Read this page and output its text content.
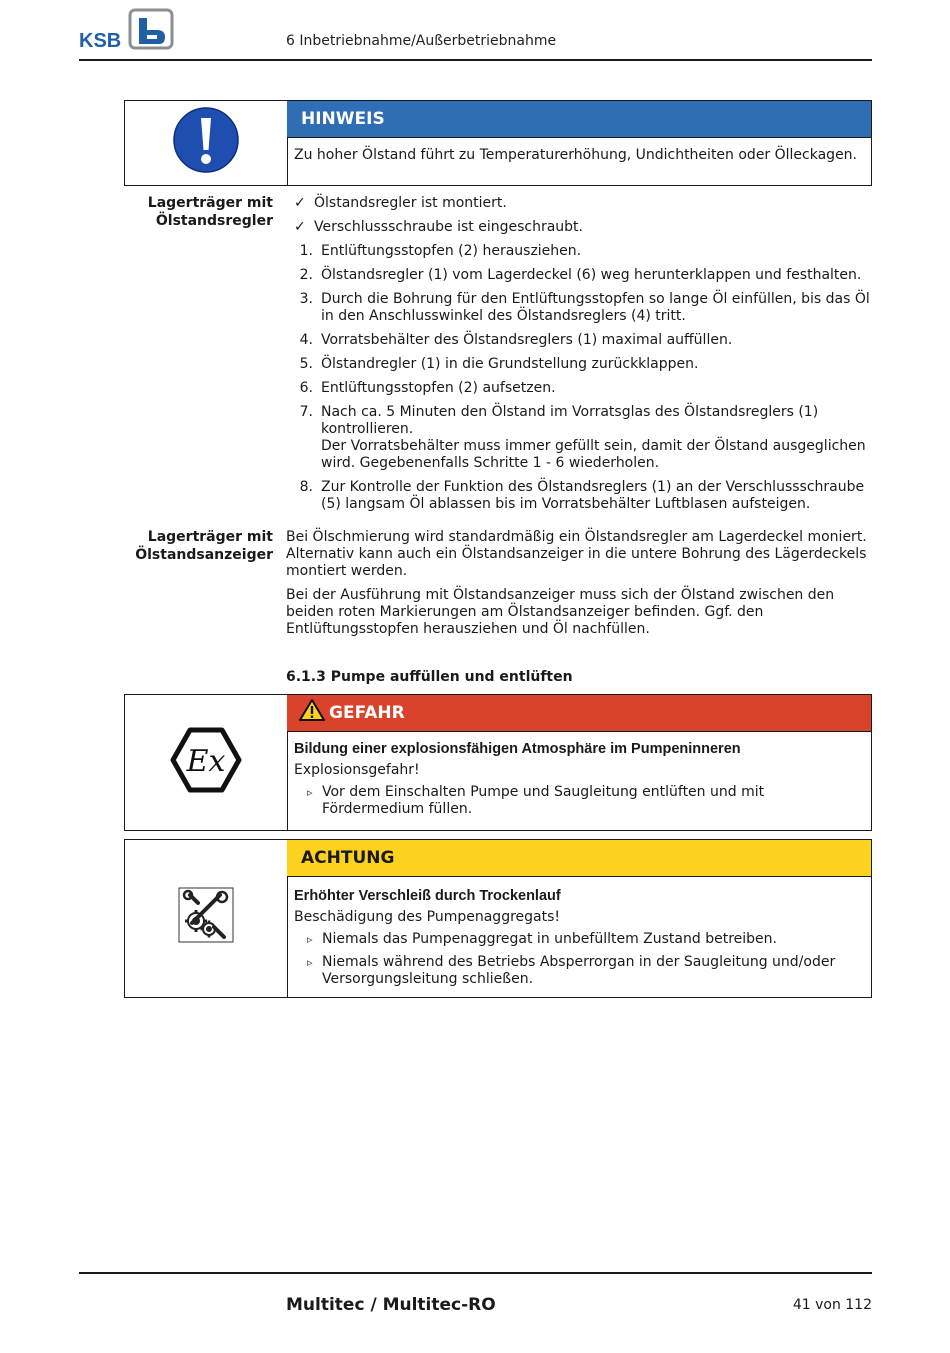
KSB	6 Inbetriebnahme/Außerbetriebnahme
HINWEIS
Zu hoher Ölstand führt zu Temperaturerhöhung, Undichtheiten oder Ölleckagen.
Lagerträger mit
Ölstandsregler
✓ Ölstandsregler ist montiert.
✓ Verschlussschraube ist eingeschraubt.
1. Entlüftungsstopfen (2) herausziehen.
2. Ölstandsregler (1) vom Lagerdeckel (6) weg herunterklappen und festhalten.
3. Durch die Bohrung für den Entlüftungsstopfen so lange Öl einfüllen, bis das Öl in den Anschlusswinkel des Ölstandsreglers (4) tritt.
4. Vorratsbehälter des Ölstandsreglers (1) maximal auffüllen.
5. Ölstandregler (1) in die Grundstellung zurückklappen.
6. Entlüftungsstopfen (2) aufsetzen.
7. Nach ca. 5 Minuten den Ölstand im Vorratsglas des Ölstandsreglers (1) kontrollieren.
Der Vorratsbehälter muss immer gefüllt sein, damit der Ölstand ausgeglichen wird. Gegebenenfalls Schritte 1 - 6 wiederholen.
8. Zur Kontrolle der Funktion des Ölstandsreglers (1) an der Verschlussschraube (5) langsam Öl ablassen bis im Vorratsbehälter Luftblasen aufsteigen.
Lagerträger mit
Ölstandsanzeiger

Bei Ölschmierung wird standardmäßig ein Ölstandsregler am Lagerdeckel moniert. Alternativ kann auch ein Ölstandsanzeiger in die untere Bohrung des Lägerdeckels montiert werden.

Bei der Ausführung mit Ölstandsanzeiger muss sich der Ölstand zwischen den beiden roten Markierungen am Ölstandsanzeiger befinden. Ggf. den Entlüftungsstopfen herausziehen und Öl nachfüllen.

6.1.3 Pumpe auffüllen und entlüften
Ex
GEFAHR
Bildung einer explosionsfähigen Atmosphäre im Pumpeninneren
Explosionsgefahr!
▹ Vor dem Einschalten Pumpe und Saugleitung entlüften und mit Fördermedium füllen.
ACHTUNG
Erhöhter Verschleiß durch Trockenlauf
Beschädigung des Pumpenaggregats!
▹ Niemals das Pumpenaggregat in unbefülltem Zustand betreiben.
▹ Niemals während des Betriebs Absperrorgan in der Saugleitung und/oder Versorgungsleitung schließen.
Multitec / Multitec-RO	41 von 112
